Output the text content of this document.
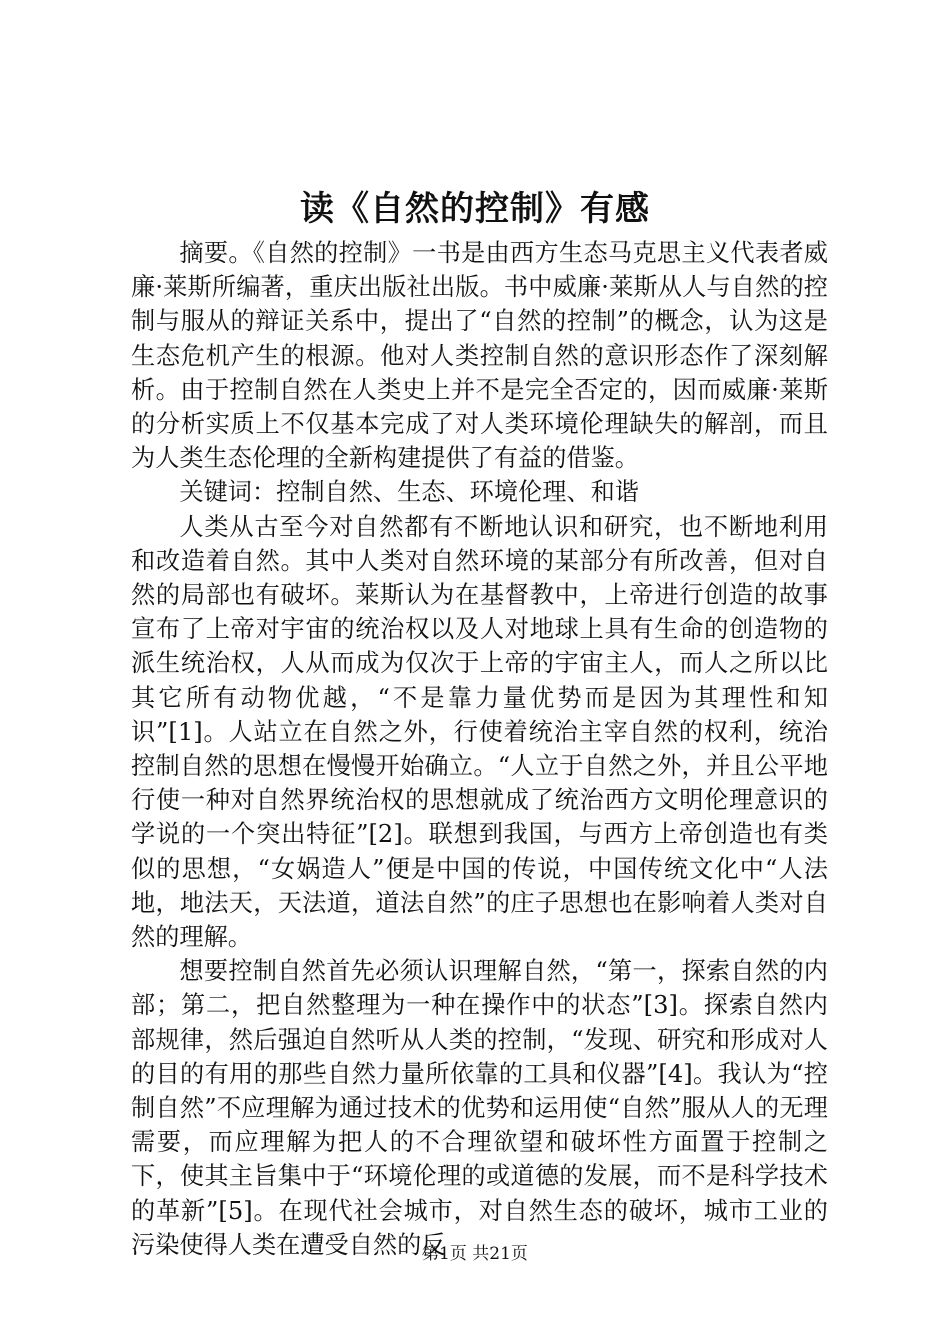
读《自然的控制》有感

摘要。《自然的控制》一书是由西方生态马克思主义代表者威廉·莱斯所编著，重庆出版社出版。书中威廉·莱斯从人与自然的控制与服从的辩证关系中，提出了“自然的控制”的概念，认为这是生态危机产生的根源。他对人类控制自然的意识形态作了深刻解析。由于控制自然在人类史上并不是完全否定的，因而威廉·莱斯的分析实质上不仅基本完成了对人类环境伦理缺失的解剖，而且为人类生态伦理的全新构建提供了有益的借鉴。

关键词：控制自然、生态、环境伦理、和谐

人类从古至今对自然都有不断地认识和研究，也不断地利用和改造着自然。其中人类对自然环境的某部分有所改善，但对自然的局部也有破坏。莱斯认为在基督教中，上帝进行创造的故事宣布了上帝对宇宙的统治权以及人对地球上具有生命的创造物的派生统治权，人从而成为仅次于上帝的宇宙主人，而人之所以比其它所有动物优越，“不是靠力量优势而是因为其理性和知识”[1]。人站立在自然之外，行使着统治主宰自然的权利，统治控制自然的思想在慢慢开始确立。“人立于自然之外，并且公平地行使一种对自然界统治权的思想就成了统治西方文明伦理意识的学说的一个突出特征”[2]。联想到我国，与西方上帝创造也有类似的思想，“女娲造人”便是中国的传说，中国传统文化中“人法地，地法天，天法道，道法自然”的庄子思想也在影响着人类对自然的理解。

想要控制自然首先必须认识理解自然，“第一，探索自然的内部；第二，把自然整理为一种在操作中的状态”[3]。探索自然内部规律，然后强迫自然听从人类的控制，“发现、研究和形成对人的目的有用的那些自然力量所依靠的工具和仪器”[4]。我认为“控制自然”不应理解为通过技术的优势和运用使“自然”服从人的无理需要，而应理解为把人的不合理欲望和破坏性方面置于控制之下，使其主旨集中于“环境伦理的或道德的发展，而不是科学技术的革新”[5]。在现代社会城市，对自然生态的破坏，城市工业的污染使得人类在遭受自然的反

第1页 共21页
